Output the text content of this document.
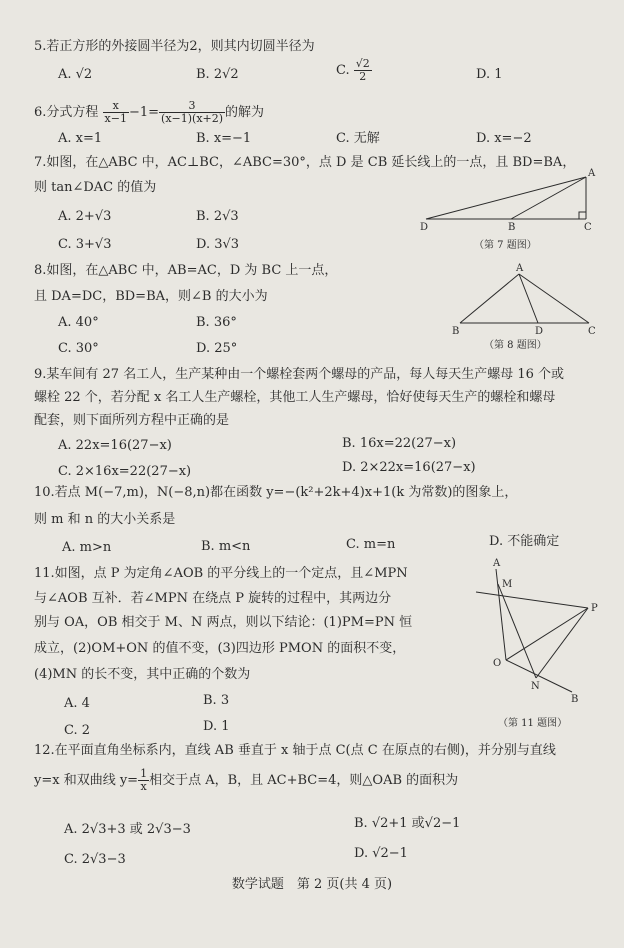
5.若正方形的外接圆半径为2，则其内切圆半径为
A. √2	B. 2√2	C. $\frac{√2}{2}$	D. 1
6.分式方程 $\frac{x}{x-1} -1= \frac{3}{(x-1)(x+2)}$ 的解为
A. x=1	B. x=−1	C. 无解	D. x=−2
7.如图，在△ABC 中，AC⊥BC，∠ABC=30°，点 D 是 CB 延长线上的一点，且 BD=BA，
则 tan∠DAC 的值为
A. 2+√3	B. 2√3
C. 3+√3	D. 3√3
A
B	C
D
（第 7 题图）
8.如图，在△ABC 中，AB=AC，D 为 BC 上一点，
且 DA=DC，BD=BA，则∠B 的大小为
A. 40°	B. 36°
C. 30°	D. 25°
A
B	C
D
（第 8 题图）
9.某车间有 27 名工人，生产某种由一个螺栓套两个螺母的产品，每人每天生产螺母 16 个或
螺栓 22 个，若分配 x 名工人生产螺栓，其他工人生产螺母，恰好使每天生产的螺栓和螺母
配套，则下面所列方程中正确的是
A. 22x=16(27−x)	B. 16x=22(27−x)
C. 2×16x=22(27−x)	D. 2×22x=16(27−x)
10.若点 M(−7,m)，N(−8,n)都在函数 y=−(k²+2k+4)x+1(k 为常数)的图象上，
则 m 和 n 的大小关系是
A. m>n	B. m<n	C. m=n	D. 不能确定
11.如图，点 P 为定角∠AOB 的平分线上的一个定点，且∠MPN
与∠AOB 互补．若∠MPN 在绕点 P 旋转的过程中，其两边分
别与 OA，OB 相交于 M、N 两点，则以下结论：(1)PM=PN 恒
成立，(2)OM+ON 的值不变，(3)四边形 PMON 的面积不变，
(4)MN 的长不变，其中正确的个数为
A. 4	B. 3
C. 2	D. 1
A
M
P
O
N
B
（第 11 题图）
12.在平面直角坐标系内，直线 AB 垂直于 x 轴于点 C(点 C 在原点的右侧)，并分别与直线
y=x 和双曲线 $y= \frac{1}{x}$ 相交于点 A，B，且 AC+BC=4，则△OAB 的面积为
A. 2√3+3 或 2√3−3	B. √2+1 或√2−1
C. 2√3−3	D. √2−1
数学试题　第 2 页(共 4 页)
